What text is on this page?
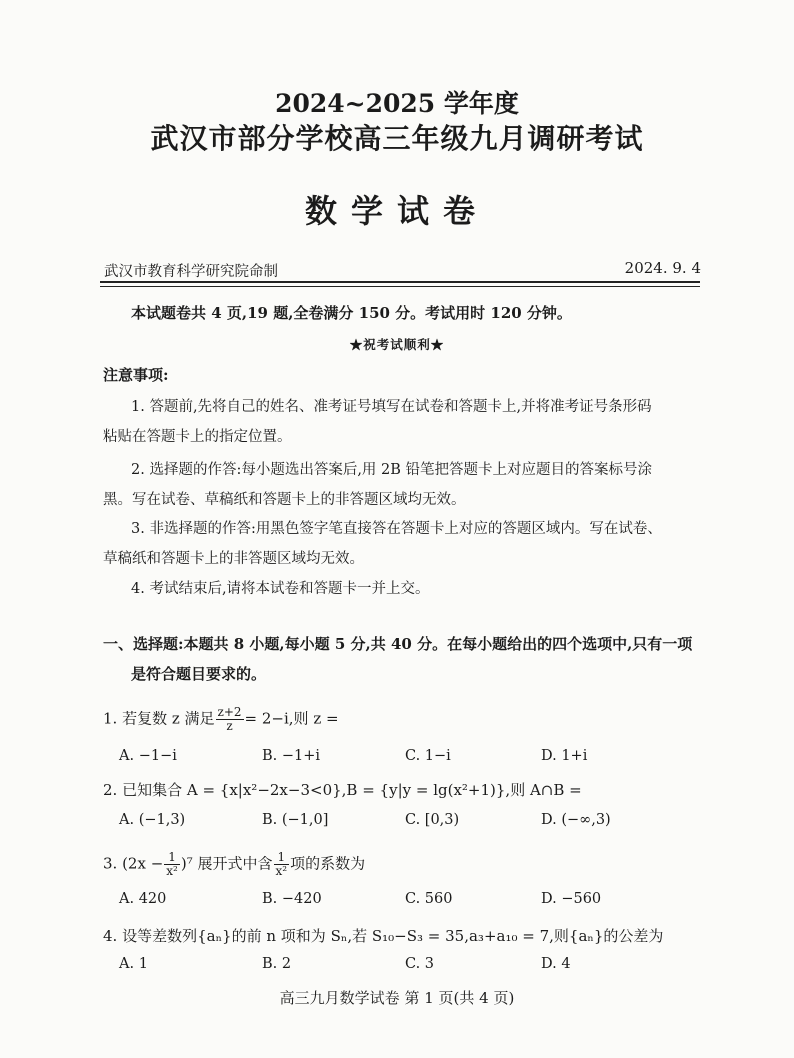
2024~2025 学年度
武汉市部分学校高三年级九月调研考试
数学试卷
武汉市教育科学研究院命制	2024. 9. 4
本试题卷共 4 页,19 题,全卷满分 150 分。考试用时 120 分钟。
★祝考试顺利★
注意事项:
1. 答题前,先将自己的姓名、准考证号填写在试卷和答题卡上,并将准考证号条形码
粘贴在答题卡上的指定位置。
2. 选择题的作答:每小题选出答案后,用 2B 铅笔把答题卡上对应题目的答案标号涂
黑。写在试卷、草稿纸和答题卡上的非答题区域均无效。
3. 非选择题的作答:用黑色签字笔直接答在答题卡上对应的答题区域内。写在试卷、
草稿纸和答题卡上的非答题区域均无效。
4. 考试结束后,请将本试卷和答题卡一并上交。
一、选择题:本题共 8 小题,每小题 5 分,共 40 分。在每小题给出的四个选项中,只有一项
是符合题目要求的。
1. 若复数 z 满足 $\frac{z+2}{z} = 2-i$,则 z =
A. −1−i	B. −1+i	C. 1−i	D. 1+i
2. 已知集合 A = {x|x²−2x−3<0},B = {y|y = lg(x²+1)},则 A∩B =
A. (−1,3)	B. (−1,0]	C. [0,3)	D. (−∞,3)
3. $(2x - \frac{1}{\text{x²}} )^7$ 展开式中含 $\frac{1}{\text{x²}}$ 项的系数为
A. 420	B. −420	C. 560	D. −560
4. 设等差数列{aₙ}的前 n 项和为 Sₙ,若 S₁₀−S₃ = 35,a₃+a₁₀ = 7,则{aₙ}的公差为
A. 1	B. 2	C. 3	D. 4
高三九月数学试卷 第 1 页(共 4 页)
